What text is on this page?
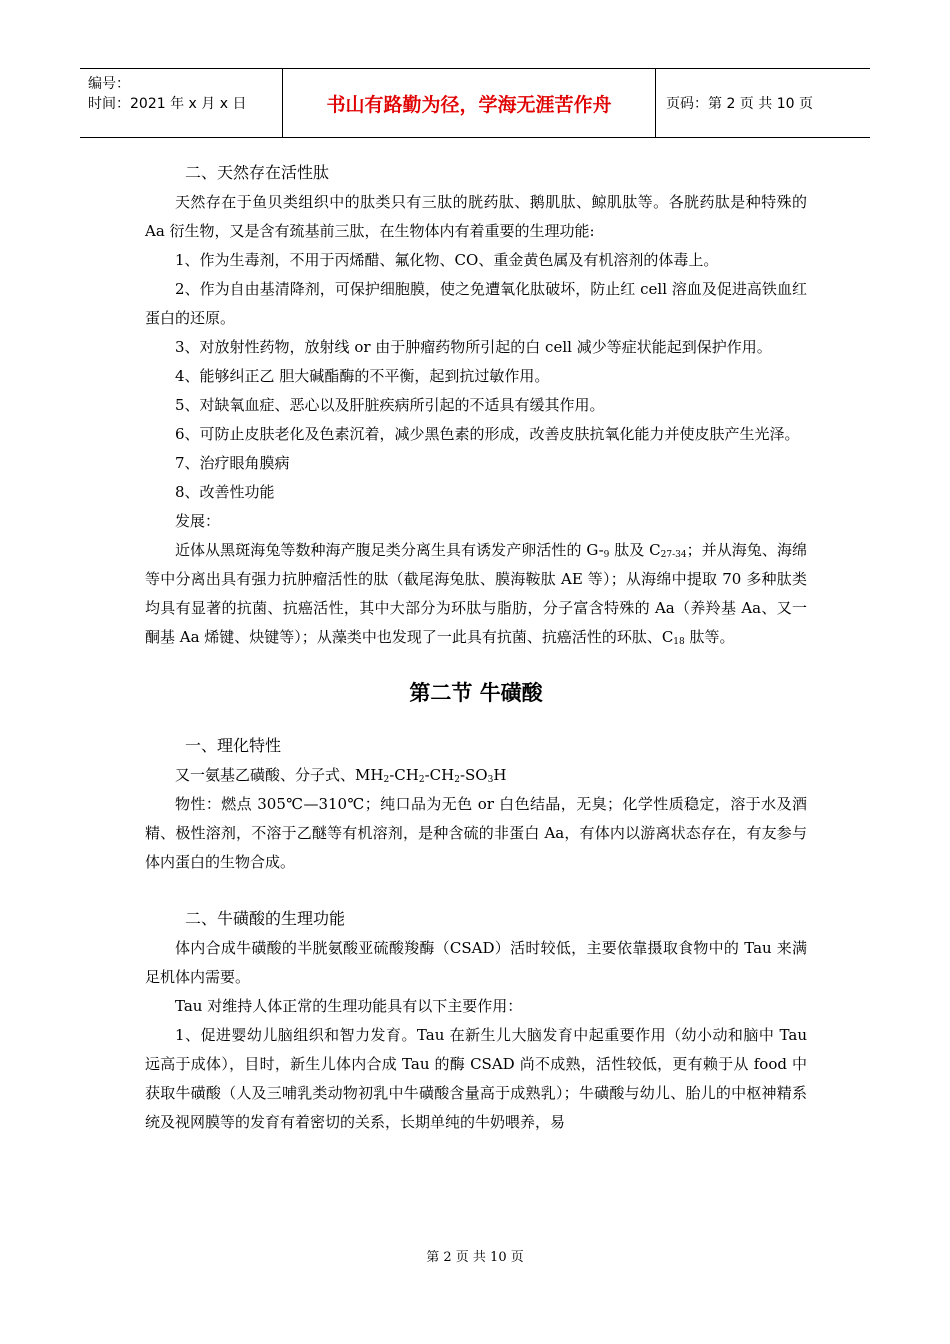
编号：
时间：2021 年 x 月 x 日	书山有路勤为径，学海无涯苦作舟	页码：第 2 页 共 10 页
二、天然存在活性肽

天然存在于鱼贝类组织中的肽类只有三肽的胱药肽、鹅肌肽、鲸肌肽等。各胱药肽是种特殊的 Aa 衍生物，又是含有巯基前三肽，在生物体内有着重要的生理功能:

1、作为生毒剂，不用于丙烯醋、氟化物、CO、重金黄色属及有机溶剂的体毒上。

2、作为自由基清降剂，可保护细胞膜，使之免遭氧化肽破坏，防止红 cell 溶血及促进高铁血红蛋白的还原。

3、对放射性药物，放射线 or 由于肿瘤药物所引起的白 cell 减少等症状能起到保护作用。

4、能够纠正乙 胆大碱酯酶的不平衡，起到抗过敏作用。

5、对缺氧血症、恶心以及肝脏疾病所引起的不适具有缓其作用。

6、可防止皮肤老化及色素沉着，减少黑色素的形成，改善皮肤抗氧化能力并使皮肤产生光泽。

7、治疗眼角膜病

8、改善性功能

发展：

近体从黑斑海兔等数种海产腹足类分离生具有诱发产卵活性的 $G-_9$ 肽及 $C_{27-34}$；并从海兔、海绵等中分离出具有强力抗肿瘤活性的肽（截尾海兔肽、膜海鞍肽 AE 等）；从海绵中提取 70 多种肽类均具有显著的抗菌、抗癌活性，其中大部分为环肽与脂肪，分子富含特殊的 Aa（养羚基 Aa、又一酮基 Aa 烯键、炔键等）；从藻类中也发现了一此具有抗菌、抗癌活性的环肽、$C_{18}$ 肽等。

第二节 牛磺酸
一、理化特性

又一氨基乙磺酸、分子式、$MH_2-CH_2-CH_2-SO_3H$

物性：燃点 305℃—310℃；纯口品为无色 or 白色结晶，无臭；化学性质稳定，溶于水及酒精、极性溶剂，不溶于乙醚等有机溶剂，是种含硫的非蛋白 Aa，有体内以游离状态存在，有友参与体内蛋白的生物合成。

二、牛磺酸的生理功能

体内合成牛磺酸的半胱氨酸亚硫酸羧酶（CSAD）活时较低，主要依靠摄取食物中的 Tau 来满足机体内需要。

Tau 对维持人体正常的生理功能具有以下主要作用：

1、促进婴幼儿脑组织和智力发育。Tau 在新生儿大脑发育中起重要作用（幼小动和脑中 Tau 远高于成体），目时，新生儿体内合成 Tau 的酶 CSAD 尚不成熟，活性较低，更有赖于从 food 中获取牛磺酸（人及三哺乳类动物初乳中牛磺酸含量高于成熟乳）；牛磺酸与幼儿、胎儿的中枢神精系统及视网膜等的发育有着密切的关系，长期单纯的牛奶喂养，易

第 2 页 共 10 页
